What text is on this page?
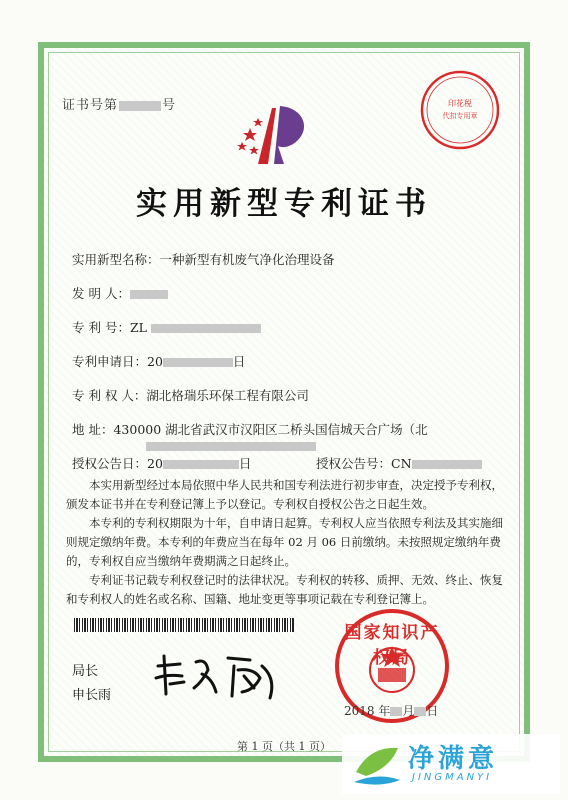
印花税
代扣专用章
证书号第	号
实用新型专利证书
实用新型名称：一种新型有机废气净化治理设备
发 明 人：
专 利 号：ZL
专利申请日：20	日
专 利 权 人：湖北格瑞乐环保工程有限公司
地 址：430000 湖北省武汉市汉阳区二桥头国信城天合广场（北
授权公告日：20	日	授权公告号：CN
本实用新型经过本局依照中华人民共和国专利法进行初步审查，决定授予专利权，颁发本证书并在专利登记簿上予以登记。专利权自授权公告之日起生效。
本专利的专利权期限为十年，自申请日起算。专利权人应当依照专利法及其实施细则规定缴纳年费。本专利的年费应当在每年 02 月 06 日前缴纳。未按照规定缴纳年费的，专利权自应当缴纳年费期满之日起终止。
专利证书记载专利权登记时的法律状况。专利权的转移、质押、无效、终止、恢复和专利权人的姓名或名称、国籍、地址变更等事项记载在专利登记簿上。
局长
申长雨
国家知识产权局
2018 年 月 日
第 1 页（共 1 页）	净满意
JINGMANYI
